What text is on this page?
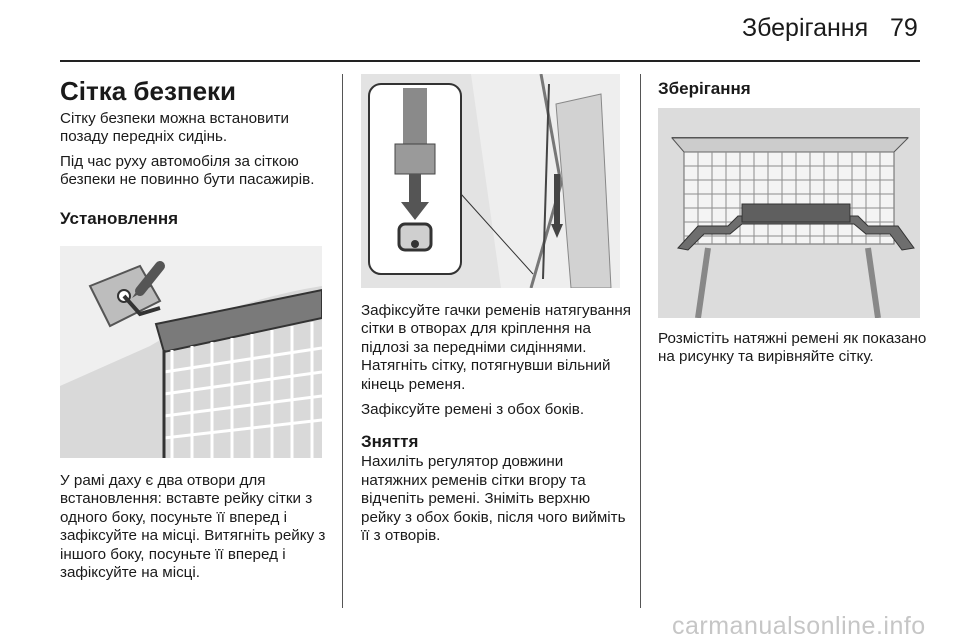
Зберігання 79
Сітка безпеки

Сітку безпеки можна встановити позаду передніх сидінь.

Під час руху автомобіля за сіткою безпеки не повинно бути пасажирів.

Установлення

У рамі даху є два отвори для встановлення: вставте рейку сітки з одного боку, посуньте її вперед і зафіксуйте на місці. Витягніть рейку з іншого боку, посуньте її вперед і зафіксуйте на місці.

Зафіксуйте гачки ременів натягування сітки в отворах для кріплення на підлозі за передніми сидіннями. Натягніть сітку, потягнувши вільний кінець ременя.

Зафіксуйте ремені з обох боків.

Зняття

Нахиліть регулятор довжини натяжних ременів сітки вгору та відчепіть ремені. Зніміть верхню рейку з обох боків, після чого вийміть її з отворів.

Зберігання

Розмістіть натяжні ремені як показано на рисунку та вирівняйте сітку.

carmanualsonline.info
